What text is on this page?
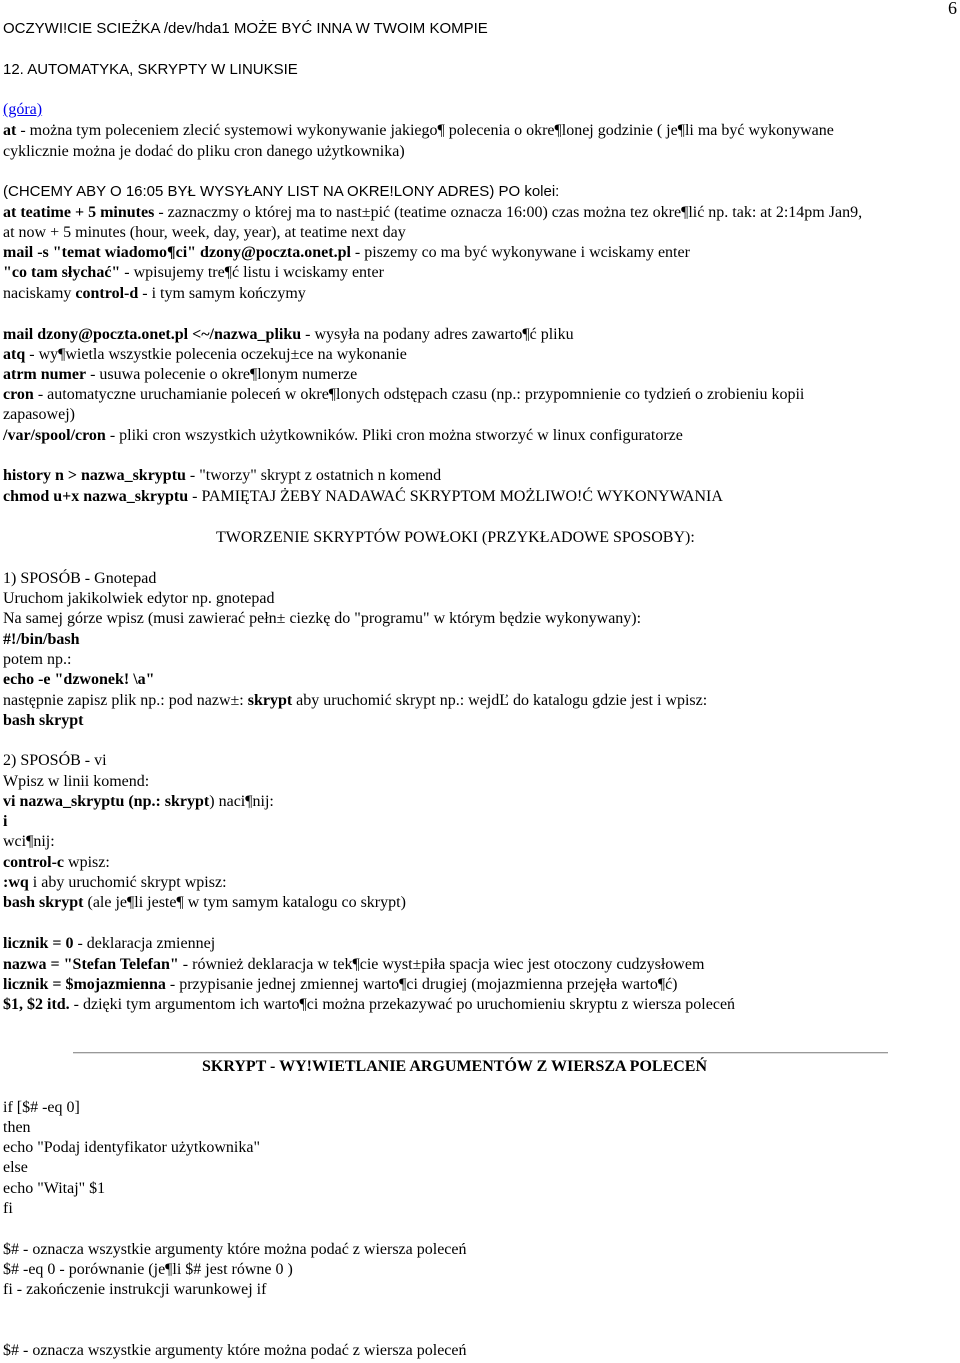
6
OCZYWI!CIE SCIEŻKA /dev/hda1 MOŻE BYĆ INNA W TWOIM KOMPIE
12. AUTOMATYKA, SKRYPTY W LINUKSIE
(góra)
at - można tym poleceniem zlecić systemowi wykonywanie jakiego¶ polecenia o okre¶lonej godzinie ( je¶li ma być wykonywane
cyklicznie można je dodać do pliku cron danego użytkownika)
(CHCEMY ABY O 16:05 BYŁ WYSYŁANY LIST NA OKRE!LONY ADRES) PO kolei:
at teatime + 5 minutes - zaznaczmy o której ma to nast±pić (teatime oznacza 16:00) czas można tez okre¶lić np. tak: at 2:14pm Jan9,
at now + 5 minutes (hour, week, day, year), at teatime next day
mail -s "temat wiadomo¶ci" dzony@poczta.onet.pl - piszemy co ma być wykonywane i wciskamy enter
"co tam słychać" - wpisujemy tre¶ć listu i wciskamy enter
naciskamy control-d - i tym samym kończymy
mail dzony@poczta.onet.pl <~/nazwa_pliku - wysyła na podany adres zawarto¶ć pliku
atq - wy¶wietla wszystkie polecenia oczekuj±ce na wykonanie
atrm numer - usuwa polecenie o okre¶lonym numerze
cron - automatyczne uruchamianie poleceń w okre¶lonych odstępach czasu (np.: przypomnienie co tydzień o zrobieniu kopii
zapasowej)
/var/spool/cron - pliki cron wszystkich użytkowników. Pliki cron można stworzyć w linux configuratorze
history n > nazwa_skryptu - "tworzy" skrypt z ostatnich n komend
chmod u+x nazwa_skryptu - PAMIĘTAJ ŻEBY NADAWAĆ SKRYPTOM MOŻLIWO!Ć WYKONYWANIA
TWORZENIE SKRYPTÓW POWŁOKI (PRZYKŁADOWE SPOSOBY):
1) SPOSÓB - Gnotepad
Uruchom jakikolwiek edytor np. gnotepad
Na samej górze wpisz (musi zawierać pełn± ciezkę do "programu" w którym będzie wykonywany):
#!/bin/bash
potem np.:
echo -e "dzwonek! \a"
następnie zapisz plik np.: pod nazw±: skrypt aby uruchomić skrypt np.: wejdĽ do katalogu gdzie jest i wpisz:
bash skrypt
2) SPOSÓB - vi
Wpisz w linii komend:
vi nazwa_skryptu (np.: skrypt) naci¶nij:
i
wci¶nij:
control-c wpisz:
:wq i aby uruchomić skrypt wpisz:
bash skrypt (ale je¶li jeste¶ w tym samym katalogu co skrypt)
licznik = 0 - deklaracja zmiennej
nazwa = "Stefan Telefan" - również deklaracja w tek¶cie wyst±piła spacja wiec jest otoczony cudzysłowem
licznik = $mojazmienna - przypisanie jednej zmiennej warto¶ci drugiej (mojazmienna przejęła warto¶ć)
$1, $2 itd. - dzięki tym argumentom ich warto¶ci można przekazywać po uruchomieniu skryptu z wiersza poleceń
SKRYPT - WY!WIETLANIE ARGUMENTÓW Z WIERSZA POLECEŃ
if [$# -eq 0]
then
echo "Podaj identyfikator użytkownika"
else
echo "Witaj" $1
fi
$# - oznacza wszystkie argumenty które można podać z wiersza poleceń
$# -eq 0 - porównanie (je¶li $# jest równe 0 )
fi - zakończenie instrukcji warunkowej if
$# - oznacza wszystkie argumenty które można podać z wiersza poleceń
